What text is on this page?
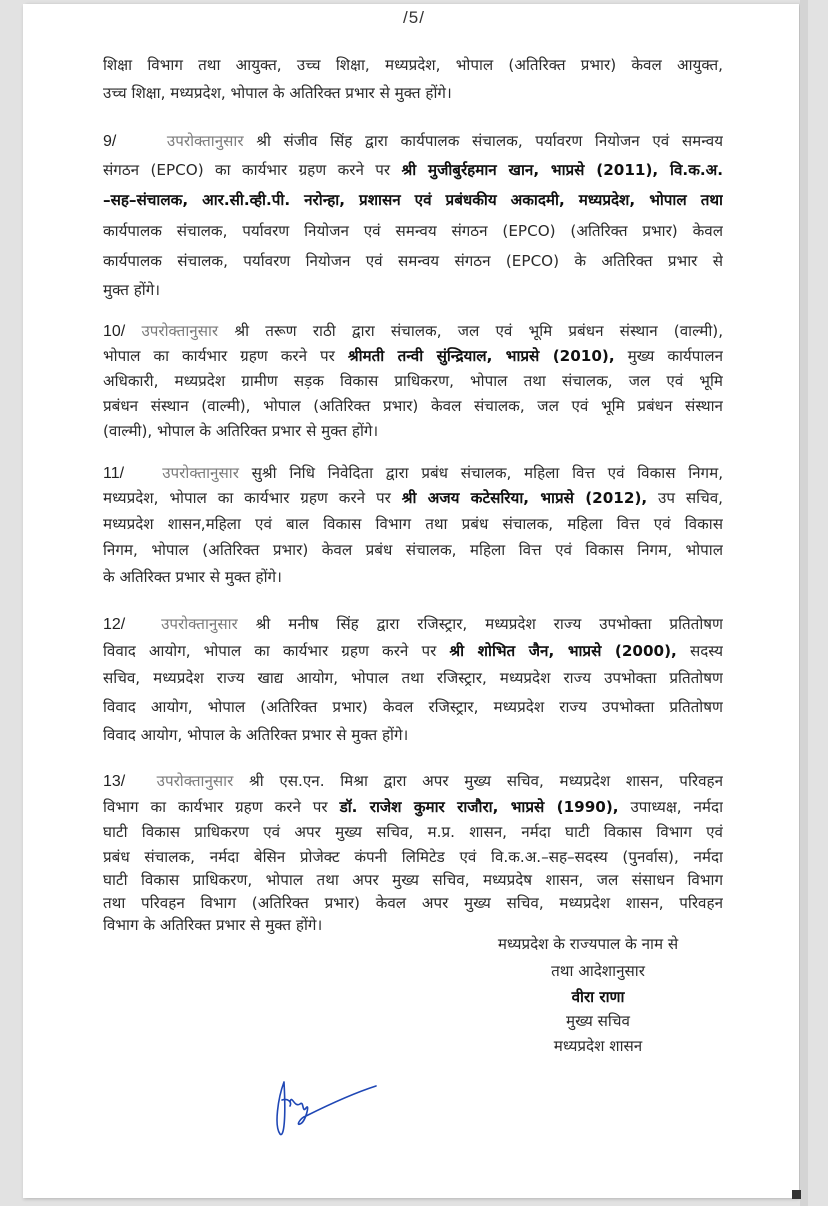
/5/
शिक्षा विभाग तथा आयुक्त, उच्च शिक्षा, मध्यप्रदेश, भोपाल (अतिरिक्त प्रभार) केवल आयुक्त,
उच्च शिक्षा, मध्यप्रदेश, भोपाल के अतिरिक्त प्रभार से मुक्त होंगे।
9/	उपरोक्तानुसार श्री संजीव सिंह द्वारा कार्यपालक संचालक, पर्यावरण नियोजन एवं समन्वय
संगठन (EPCO) का कार्यभार ग्रहण करने पर श्री मुजीबुर्रहमान खान, भाप्रसे (2011), वि.क.अ.
–सह–संचालक, आर.सी.व्ही.पी. नरोन्हा, प्रशासन एवं प्रबंधकीय अकादमी, मध्यप्रदेश, भोपाल तथा
कार्यपालक संचालक, पर्यावरण नियोजन एवं समन्वय संगठन (EPCO) (अतिरिक्त प्रभार) केवल
कार्यपालक संचालक, पर्यावरण नियोजन एवं समन्वय संगठन (EPCO) के अतिरिक्त प्रभार से
मुक्त होंगे।
10/ उपरोक्तानुसार श्री तरूण राठी द्वारा संचालक, जल एवं भूमि प्रबंधन संस्थान (वाल्मी),
भोपाल का कार्यभार ग्रहण करने पर श्रीमती तन्वी सुंन्द्रियाल, भाप्रसे (2010), मुख्य कार्यपालन
अधिकारी, मध्यप्रदेश ग्रामीण सड़क विकास प्राधिकरण, भोपाल तथा संचालक, जल एवं भूमि
प्रबंधन संस्थान (वाल्मी), भोपाल (अतिरिक्त प्रभार) केवल संचालक, जल एवं भूमि प्रबंधन संस्थान
(वाल्मी), भोपाल के अतिरिक्त प्रभार से मुक्त होंगे।
11/	उपरोक्तानुसार सुश्री निधि निवेदिता द्वारा प्रबंध संचालक, महिला वित्त एवं विकास निगम,
मध्यप्रदेश, भोपाल का कार्यभार ग्रहण करने पर श्री अजय कटेसरिया, भाप्रसे (2012), उप सचिव,
मध्यप्रदेश शासन,महिला एवं बाल विकास विभाग तथा प्रबंध संचालक, महिला वित्त एवं विकास
निगम, भोपाल (अतिरिक्त प्रभार) केवल प्रबंध संचालक, महिला वित्त एवं विकास निगम, भोपाल
के अतिरिक्त प्रभार से मुक्त होंगे।
12/ उपरोक्तानुसार श्री मनीष सिंह द्वारा रजिस्ट्रार, मध्यप्रदेश राज्य उपभोक्ता प्रतितोषण
विवाद आयोग, भोपाल का कार्यभार ग्रहण करने पर श्री शोभित जैन, भाप्रसे (2000), सदस्य
सचिव, मध्यप्रदेश राज्य खाद्य आयोग, भोपाल तथा रजिस्ट्रार, मध्यप्रदेश राज्य उपभोक्ता प्रतितोषण
विवाद आयोग, भोपाल (अतिरिक्त प्रभार) केवल रजिस्ट्रार, मध्यप्रदेश राज्य उपभोक्ता प्रतितोषण
विवाद आयोग, भोपाल के अतिरिक्त प्रभार से मुक्त होंगे।
13/ उपरोक्तानुसार श्री एस.एन. मिश्रा द्वारा अपर मुख्य सचिव, मध्यप्रदेश शासन, परिवहन
विभाग का कार्यभार ग्रहण करने पर डॉ. राजेश कुमार राजौरा, भाप्रसे (1990), उपाध्यक्ष, नर्मदा
घाटी विकास प्राधिकरण एवं अपर मुख्य सचिव, म.प्र. शासन, नर्मदा घाटी विकास विभाग एवं
प्रबंध संचालक, नर्मदा बेसिन प्रोजेक्ट कंपनी लिमिटेड एवं वि.क.अ.–सह–सदस्य (पुनर्वास), नर्मदा
घाटी विकास प्राधिकरण, भोपाल तथा अपर मुख्य सचिव, मध्यप्रदेष शासन, जल संसाधन विभाग
तथा परिवहन विभाग (अतिरिक्त प्रभार) केवल अपर मुख्य सचिव, मध्यप्रदेश शासन, परिवहन
विभाग के अतिरिक्त प्रभार से मुक्त होंगे।
मध्यप्रदेश के राज्यपाल के नाम से
तथा आदेशानुसार
वीरा राणा
मुख्य सचिव
मध्यप्रदेश शासन
